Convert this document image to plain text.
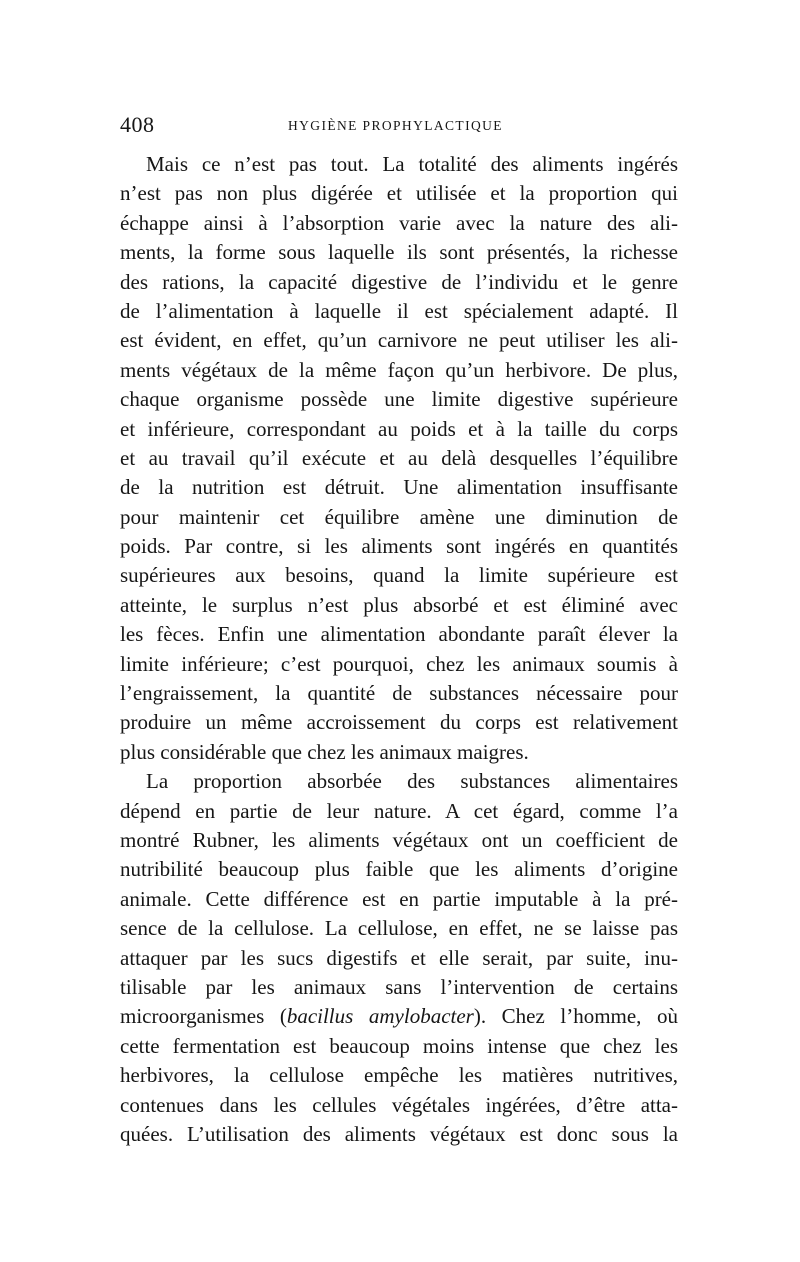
408	HYGIÈNE PROPHYLACTIQUE
Mais ce n’est pas tout. La totalité des aliments ingérés
n’est pas non plus digérée et utilisée et la proportion qui
échappe ainsi à l’absorption varie avec la nature des ali-
ments, la forme sous laquelle ils sont présentés, la richesse
des rations, la capacité digestive de l’individu et le genre
de l’alimentation à laquelle il est spécialement adapté. Il
est évident, en effet, qu’un carnivore ne peut utiliser les ali-
ments végétaux de la même façon qu’un herbivore. De plus,
chaque organisme possède une limite digestive supérieure
et inférieure, correspondant au poids et à la taille du corps
et au travail qu’il exécute et au delà desquelles l’équilibre
de la nutrition est détruit. Une alimentation insuffisante
pour maintenir cet équilibre amène une diminution de
poids. Par contre, si les aliments sont ingérés en quantités
supérieures aux besoins, quand la limite supérieure est
atteinte, le surplus n’est plus absorbé et est éliminé avec
les fèces. Enfin une alimentation abondante paraît élever la
limite inférieure; c’est pourquoi, chez les animaux soumis à
l’engraissement, la quantité de substances nécessaire pour
produire un même accroissement du corps est relativement
plus considérable que chez les animaux maigres.
La proportion absorbée des substances alimentaires
dépend en partie de leur nature. A cet égard, comme l’a
montré Rubner, les aliments végétaux ont un coefficient de
nutribilité beaucoup plus faible que les aliments d’origine
animale. Cette différence est en partie imputable à la pré-
sence de la cellulose. La cellulose, en effet, ne se laisse pas
attaquer par les sucs digestifs et elle serait, par suite, inu-
tilisable par les animaux sans l’intervention de certains
microorganismes (bacillus amylobacter). Chez l’homme, où
cette fermentation est beaucoup moins intense que chez les
herbivores, la cellulose empêche les matières nutritives,
contenues dans les cellules végétales ingérées, d’être atta-
quées. L’utilisation des aliments végétaux est donc sous la
